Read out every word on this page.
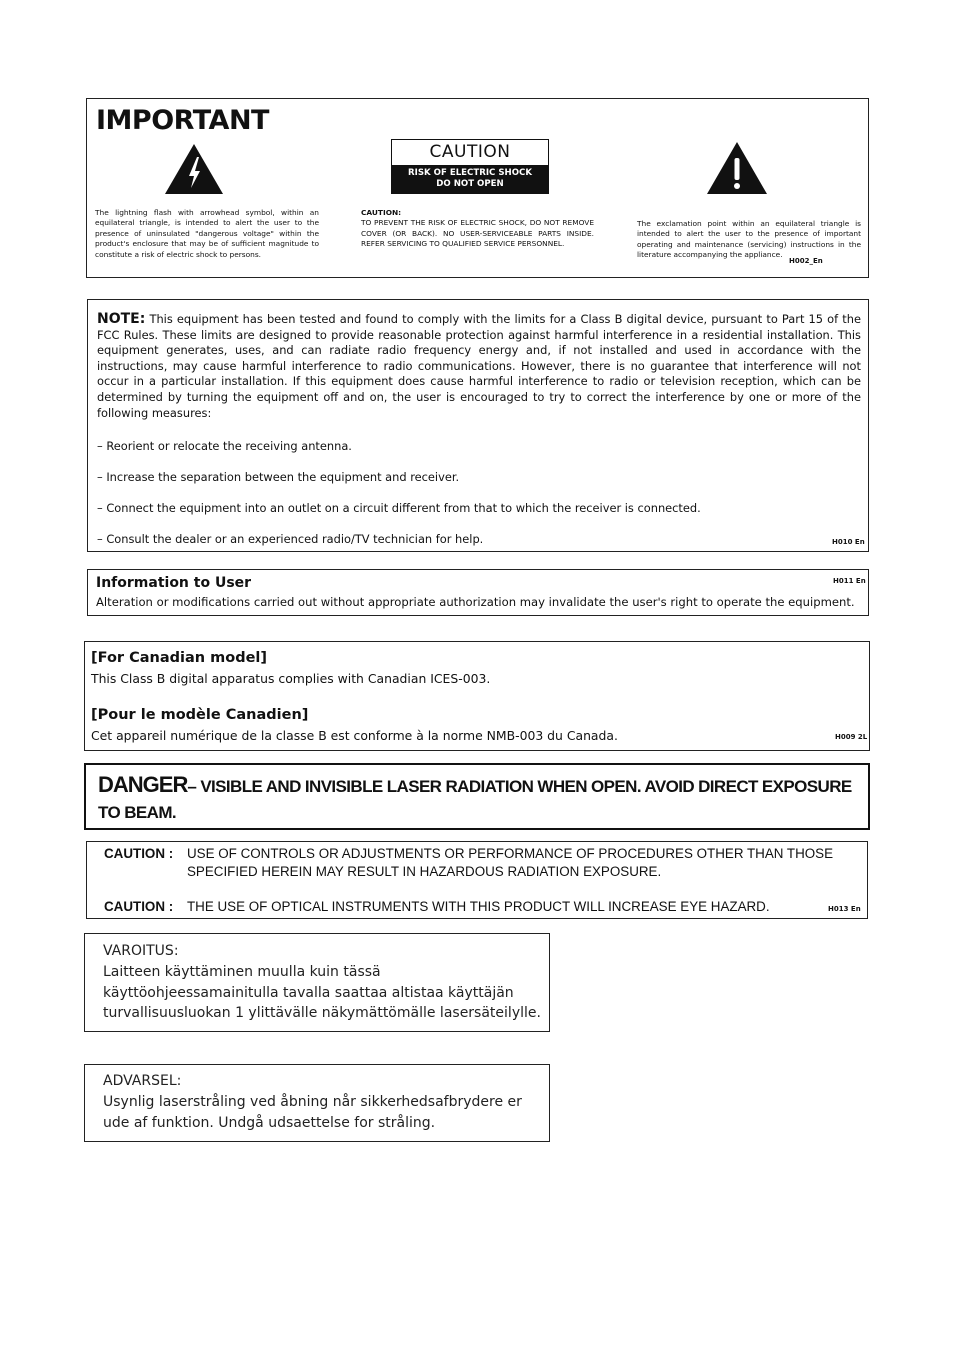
IMPORTANT
The lightning flash with arrowhead symbol, within an equilateral triangle, is intended to alert the user to the presence of uninsulated "dangerous voltage" within the product's enclosure that may be of sufficient magnitude to constitute a risk of electric shock to persons.
CAUTION
RISK OF ELECTRIC SHOCK
DO NOT OPEN
CAUTION:
TO PREVENT THE RISK OF ELECTRIC SHOCK, DO NOT REMOVE COVER (OR BACK). NO USER-SERVICEABLE PARTS INSIDE. REFER SERVICING TO QUALIFIED SERVICE PERSONNEL.
The exclamation point within an equilateral triangle is intended to alert the user to the presence of important operating and maintenance (servicing) instructions in the literature accompanying the appliance.
H002_En
NOTE: This equipment has been tested and found to comply with the limits for a Class B digital device, pursuant to Part 15 of the FCC Rules. These limits are designed to provide reasonable protection against harmful interference in a residential installation. This equipment generates, uses, and can radiate radio frequency energy and, if not installed and used in accordance with the instructions, may cause harmful interference to radio communications. However, there is no guarantee that interference will not occur in a particular installation. If this equipment does cause harmful interference to radio or television reception, which can be determined by turning the equipment off and on, the user is encouraged to try to correct the interference by one or more of the following measures:
– Reorient or relocate the receiving antenna.
– Increase the separation between the equipment and receiver.
– Connect the equipment into an outlet on a circuit different from that to which the receiver is connected.
– Consult the dealer or an experienced radio/TV technician for help.	H010 En
Information to User
Alteration or modifications carried out without appropriate authorization may invalidate the user's right to operate the equipment.
H011 En
[For Canadian model]
This Class B digital apparatus complies with Canadian ICES-003.
[Pour le modèle Canadien]
Cet appareil numérique de la classe B est conforme à la norme NMB-003 du Canada.	H009 2L
DANGER– VISIBLE AND INVISIBLE LASER RADIATION WHEN OPEN. AVOID DIRECT EXPOSURE TO BEAM.
CAUTION : USE OF CONTROLS OR ADJUSTMENTS OR PERFORMANCE OF PROCEDURES OTHER THAN THOSE
SPECIFIED HEREIN MAY RESULT IN HAZARDOUS RADIATION EXPOSURE.
CAUTION : THE USE OF OPTICAL INSTRUMENTS WITH THIS PRODUCT WILL INCREASE EYE HAZARD.	H013 En
VAROITUS:
Laitteen käyttäminen muulla kuin tässä
käyttöohjeessamainitulla tavalla saattaa altistaa käyttäjän
turvallisuusluokan 1 ylittävälle näkymättömälle lasersäteilylle.
ADVARSEL:
Usynlig laserstråling ved åbning når sikkerhedsafbrydere er
ude af funktion. Undgå udsaettelse for stråling.
